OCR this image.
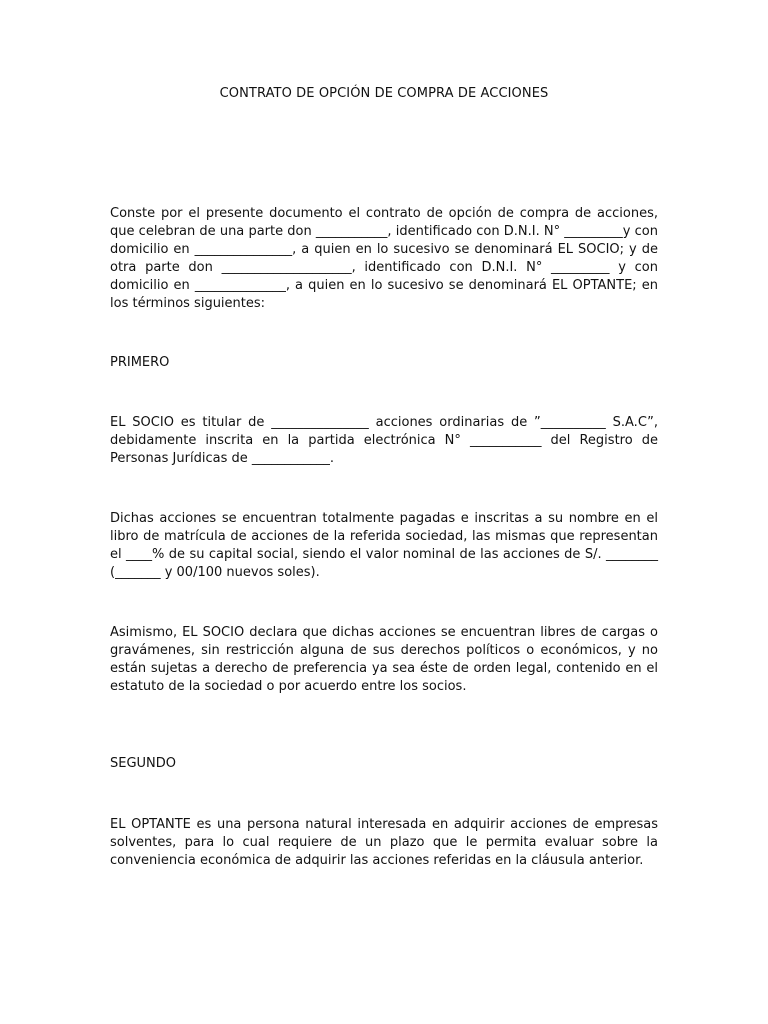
CONTRATO DE OPCIÓN DE COMPRA DE ACCIONES

Conste por el presente documento el contrato de opción de compra de acciones, que celebran de una parte don ___________, identificado con D.N.I. N° _________y con domicilio en _______________, a quien en lo sucesivo se denominará EL SOCIO; y de otra parte don ____________________, identificado con D.N.I. N° _________ y con domicilio en ______________, a quien en lo sucesivo se denominará EL OPTANTE; en los términos siguientes:

PRIMERO

EL SOCIO es titular de _______________ acciones ordinarias de ”__________ S.A.C”, debidamente inscrita en la partida electrónica N° ___________ del Registro de Personas Jurídicas de ____________.

Dichas acciones se encuentran totalmente pagadas e inscritas a su nombre en el libro de matrícula de acciones de la referida sociedad, las mismas que representan el ____% de su capital social, siendo el valor nominal de las acciones de S/. ________ (_______ y 00/100 nuevos soles).

Asimismo, EL SOCIO declara que dichas acciones se encuentran libres de cargas o gravámenes, sin restricción alguna de sus derechos políticos o económicos, y no están sujetas a derecho de preferencia ya sea éste de orden legal, contenido en el estatuto de la sociedad o por acuerdo entre los socios.

SEGUNDO

EL OPTANTE es una persona natural interesada en adquirir acciones de empresas solventes, para lo cual requiere de un plazo que le permita evaluar sobre la conveniencia económica de adquirir las acciones referidas en la cláusula anterior.
